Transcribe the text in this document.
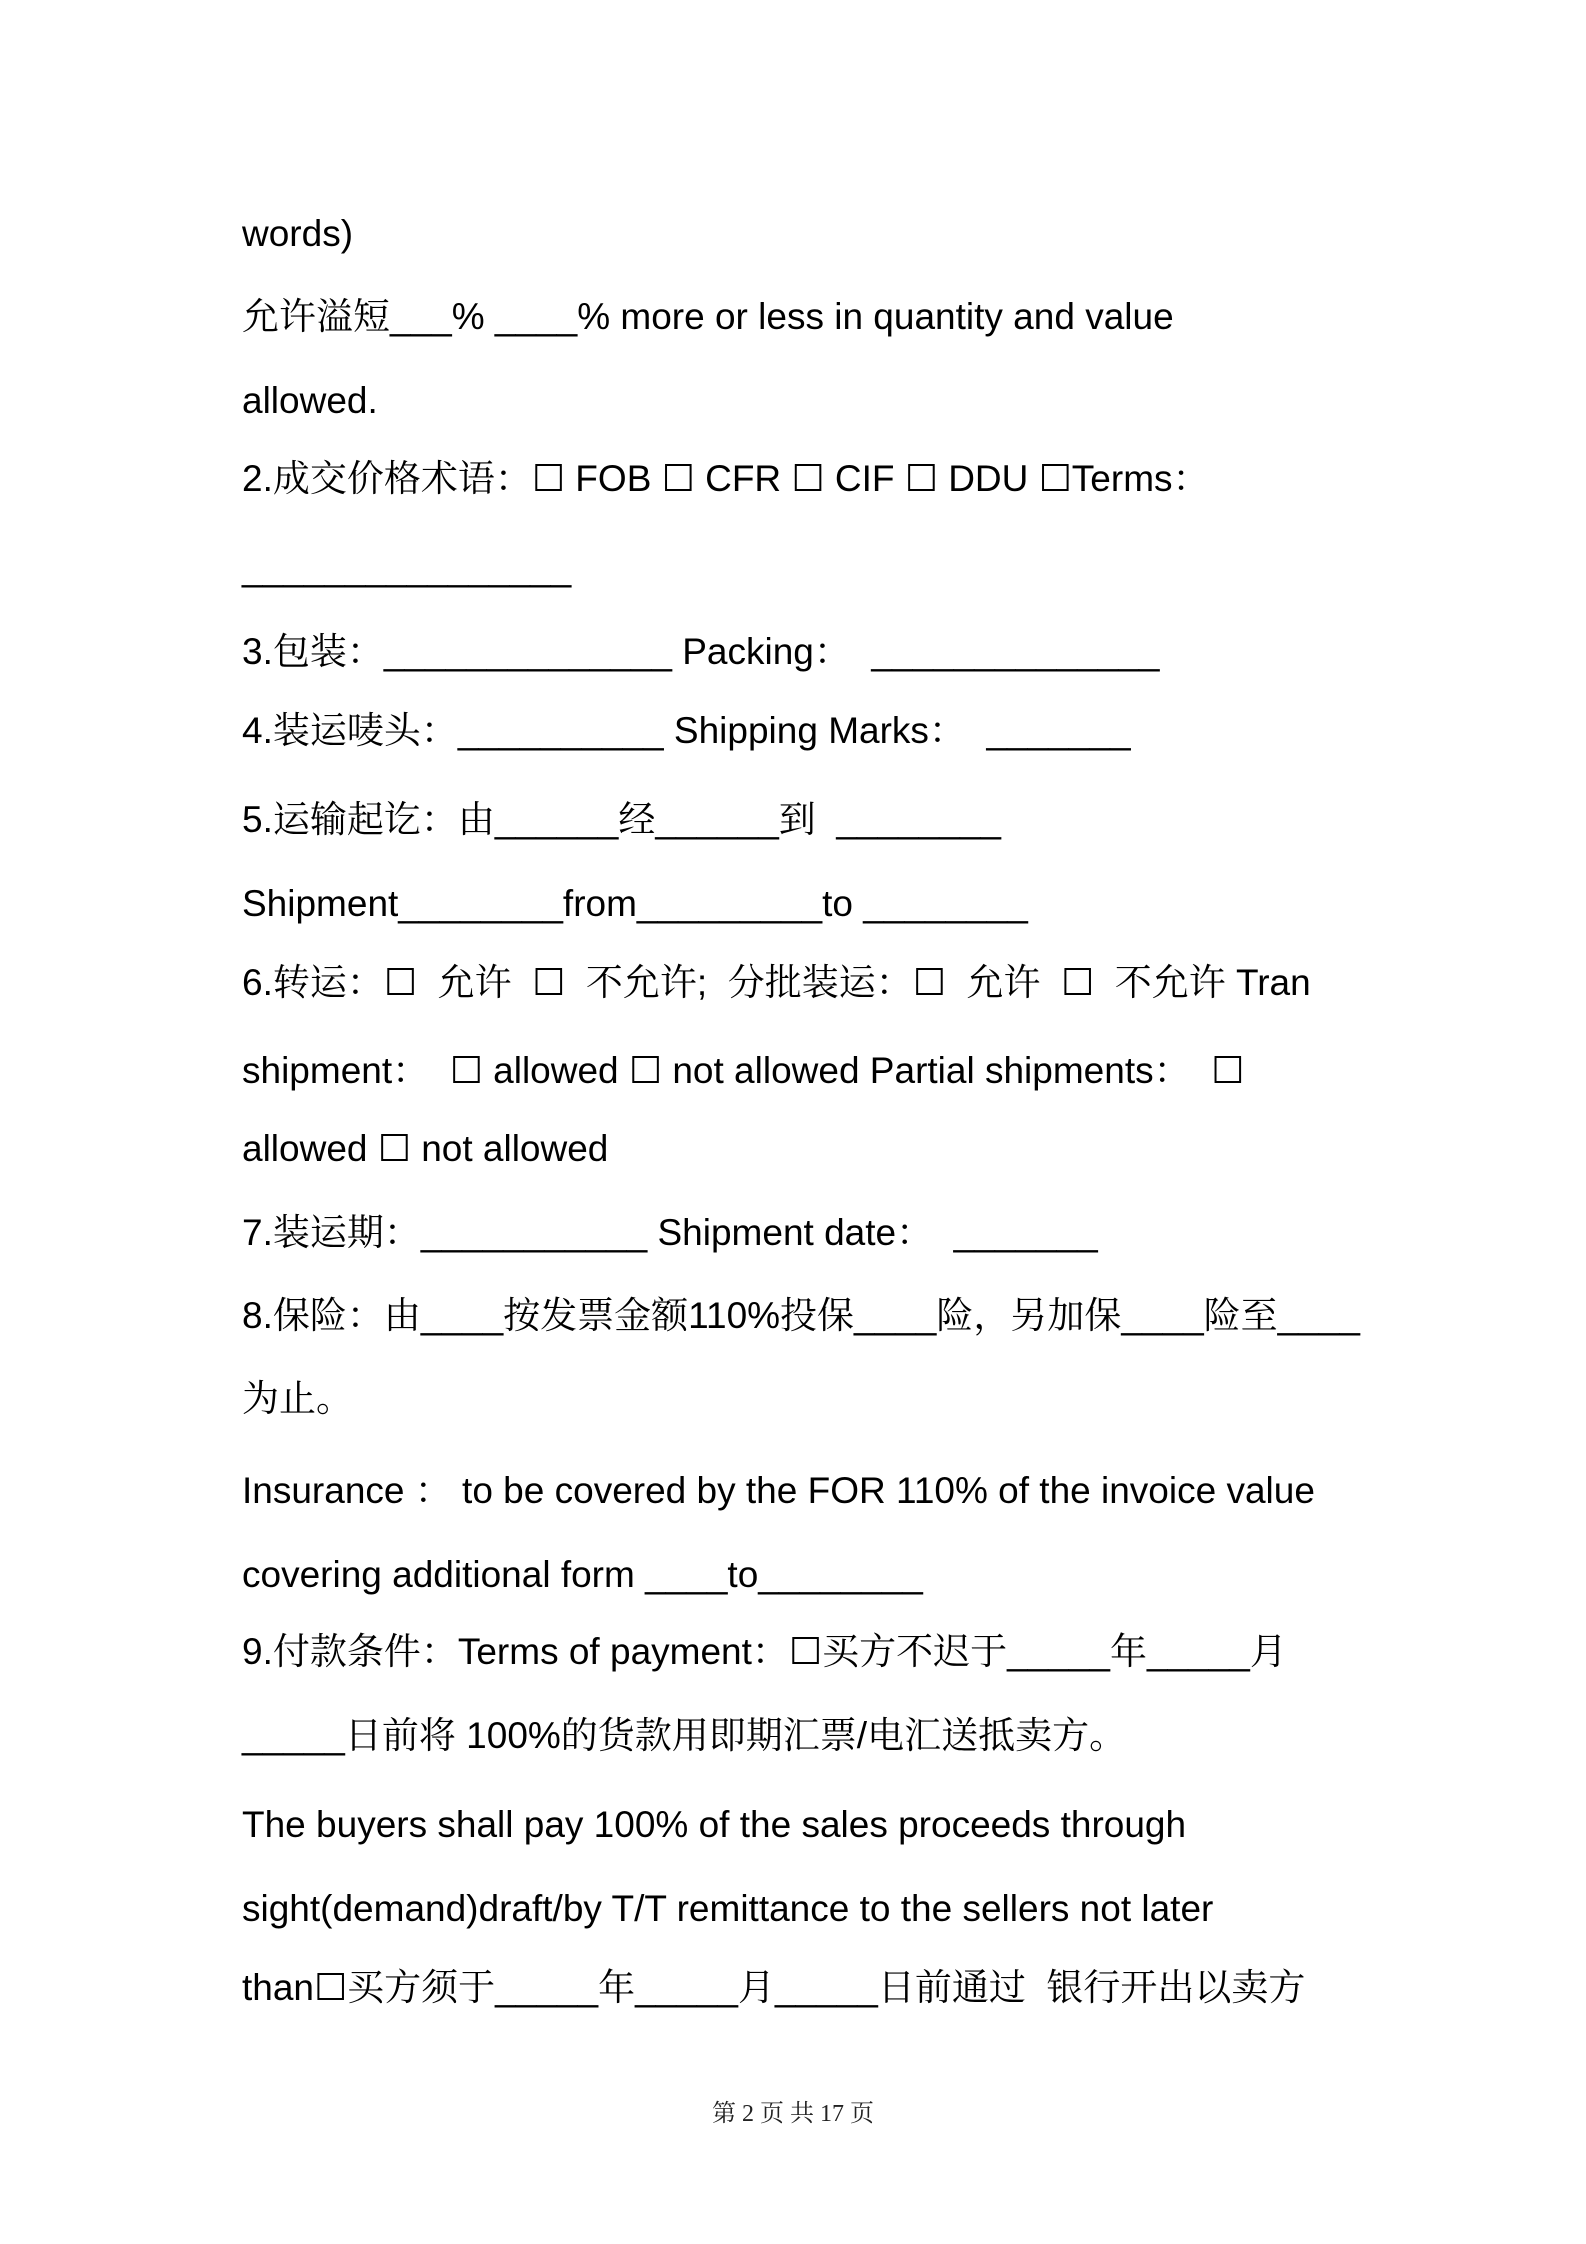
words)
允许溢短___% ____% more or less in quantity and value
allowed.
2.成交价格术语：☐ FOB ☐ CFR ☐ CIF ☐ DDU ☐Terms：
________________
3.包装：______________ Packing：  ______________
4.装运唛头：__________ Shipping Marks：  _______
5.运输起讫：由______经______到  ________
Shipment________from_________to ________
6.转运：☐  允许  ☐  不允许;  分批装运：☐  允许  ☐  不允许 Tran
shipment：  ☐ allowed ☐ not allowed Partial shipments：  ☐
allowed ☐ not allowed
7.装运期：___________ Shipment date：  _______
8.保险：由____按发票金额110%投保____险，另加保____险至____
为止。
Insurance ： to be covered by the FOR 110% of the invoice value
covering additional form ____to________
9.付款条件：Terms of payment：☐买方不迟于_____年_____月
_____日前将 100%的货款用即期汇票/电汇送抵卖方。
The buyers shall pay 100% of the sales proceeds through
sight(demand)draft/by T/T remittance to the sellers not later
than☐买方须于_____年_____月_____日前通过  银行开出以卖方
第 2 页 共 17 页
